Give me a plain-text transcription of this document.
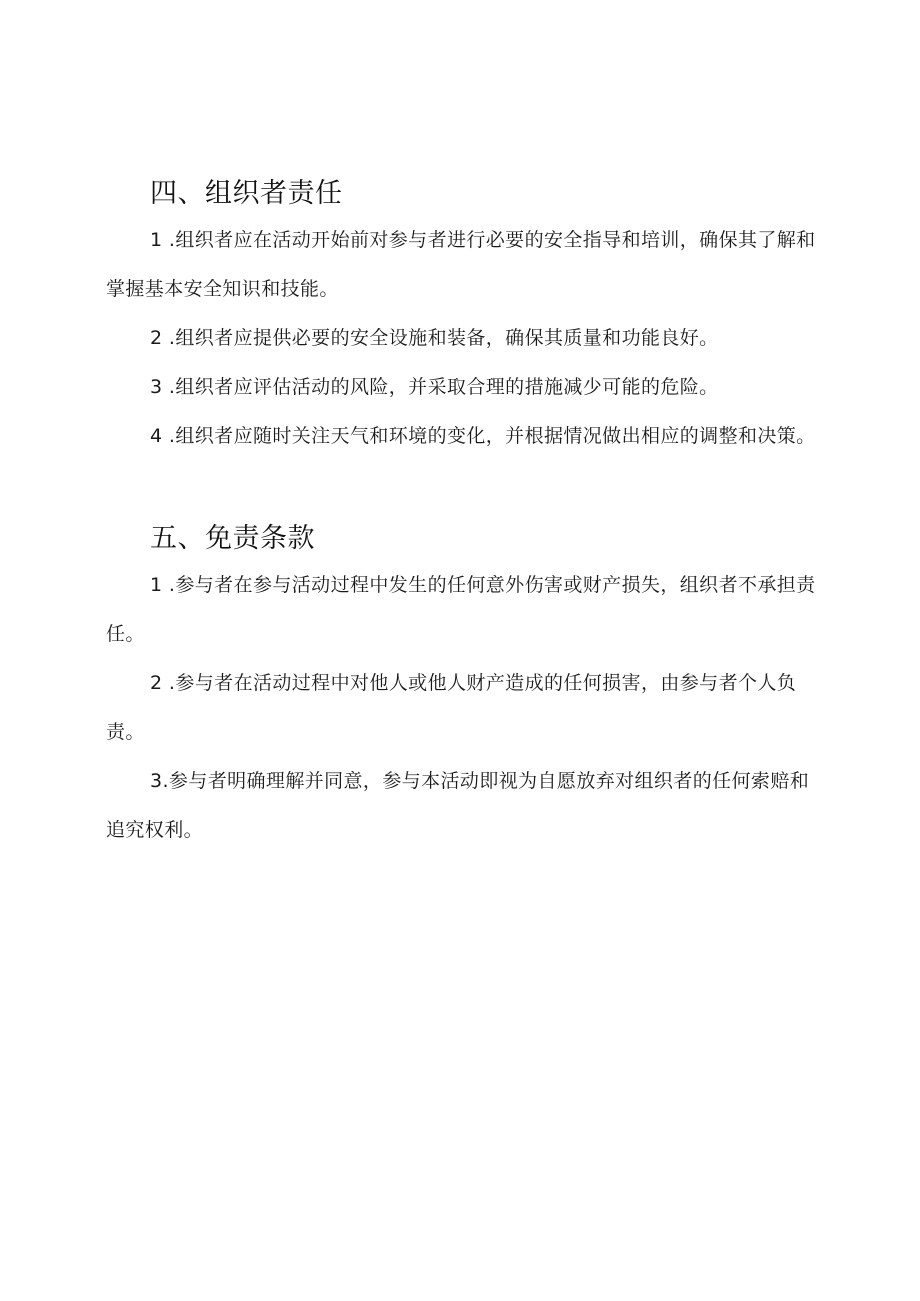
四、组织者责任

1 .组织者应在活动开始前对参与者进行必要的安全指导和培训，确保其了解和掌握基本安全知识和技能。

2 .组织者应提供必要的安全设施和装备，确保其质量和功能良好。

3 .组织者应评估活动的风险，并采取合理的措施减少可能的危险。

4 .组织者应随时关注天气和环境的变化，并根据情况做出相应的调整和决策。

五、免责条款

1 .参与者在参与活动过程中发生的任何意外伤害或财产损失，组织者不承担责任。

2 .参与者在活动过程中对他人或他人财产造成的任何损害，由参与者个人负责。

3.参与者明确理解并同意，参与本活动即视为自愿放弃对组织者的任何索赔和追究权利。
